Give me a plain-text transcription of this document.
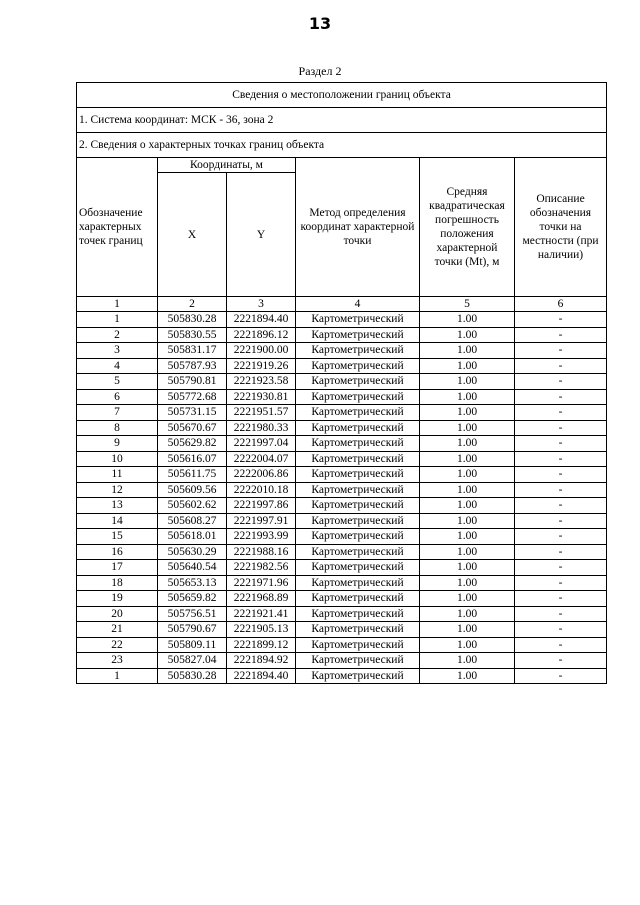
13
Раздел 2
Сведения о местоположении границ объекта					
1. Система координат: МСК - 36, зона 2					
2. Сведения о характерных точках границ объекта					
Обозначение характерных точек границ	Координаты, м		Метод определения координат характерной точки	Средняя квадратическая погрешность положения характерной точки (Mt), м	Описание обозначения точки на местности (при наличии)
	X	Y			
1	2	3	4	5	6
1	505830.28	2221894.40	Картометрический	1.00	-
2	505830.55	2221896.12	Картометрический	1.00	-
3	505831.17	2221900.00	Картометрический	1.00	-
4	505787.93	2221919.26	Картометрический	1.00	-
5	505790.81	2221923.58	Картометрический	1.00	-
6	505772.68	2221930.81	Картометрический	1.00	-
7	505731.15	2221951.57	Картометрический	1.00	-
8	505670.67	2221980.33	Картометрический	1.00	-
9	505629.82	2221997.04	Картометрический	1.00	-
10	505616.07	2222004.07	Картометрический	1.00	-
11	505611.75	2222006.86	Картометрический	1.00	-
12	505609.56	2222010.18	Картометрический	1.00	-
13	505602.62	2221997.86	Картометрический	1.00	-
14	505608.27	2221997.91	Картометрический	1.00	-
15	505618.01	2221993.99	Картометрический	1.00	-
16	505630.29	2221988.16	Картометрический	1.00	-
17	505640.54	2221982.56	Картометрический	1.00	-
18	505653.13	2221971.96	Картометрический	1.00	-
19	505659.82	2221968.89	Картометрический	1.00	-
20	505756.51	2221921.41	Картометрический	1.00	-
21	505790.67	2221905.13	Картометрический	1.00	-
22	505809.11	2221899.12	Картометрический	1.00	-
23	505827.04	2221894.92	Картометрический	1.00	-
1	505830.28	2221894.40	Картометрический	1.00	-
